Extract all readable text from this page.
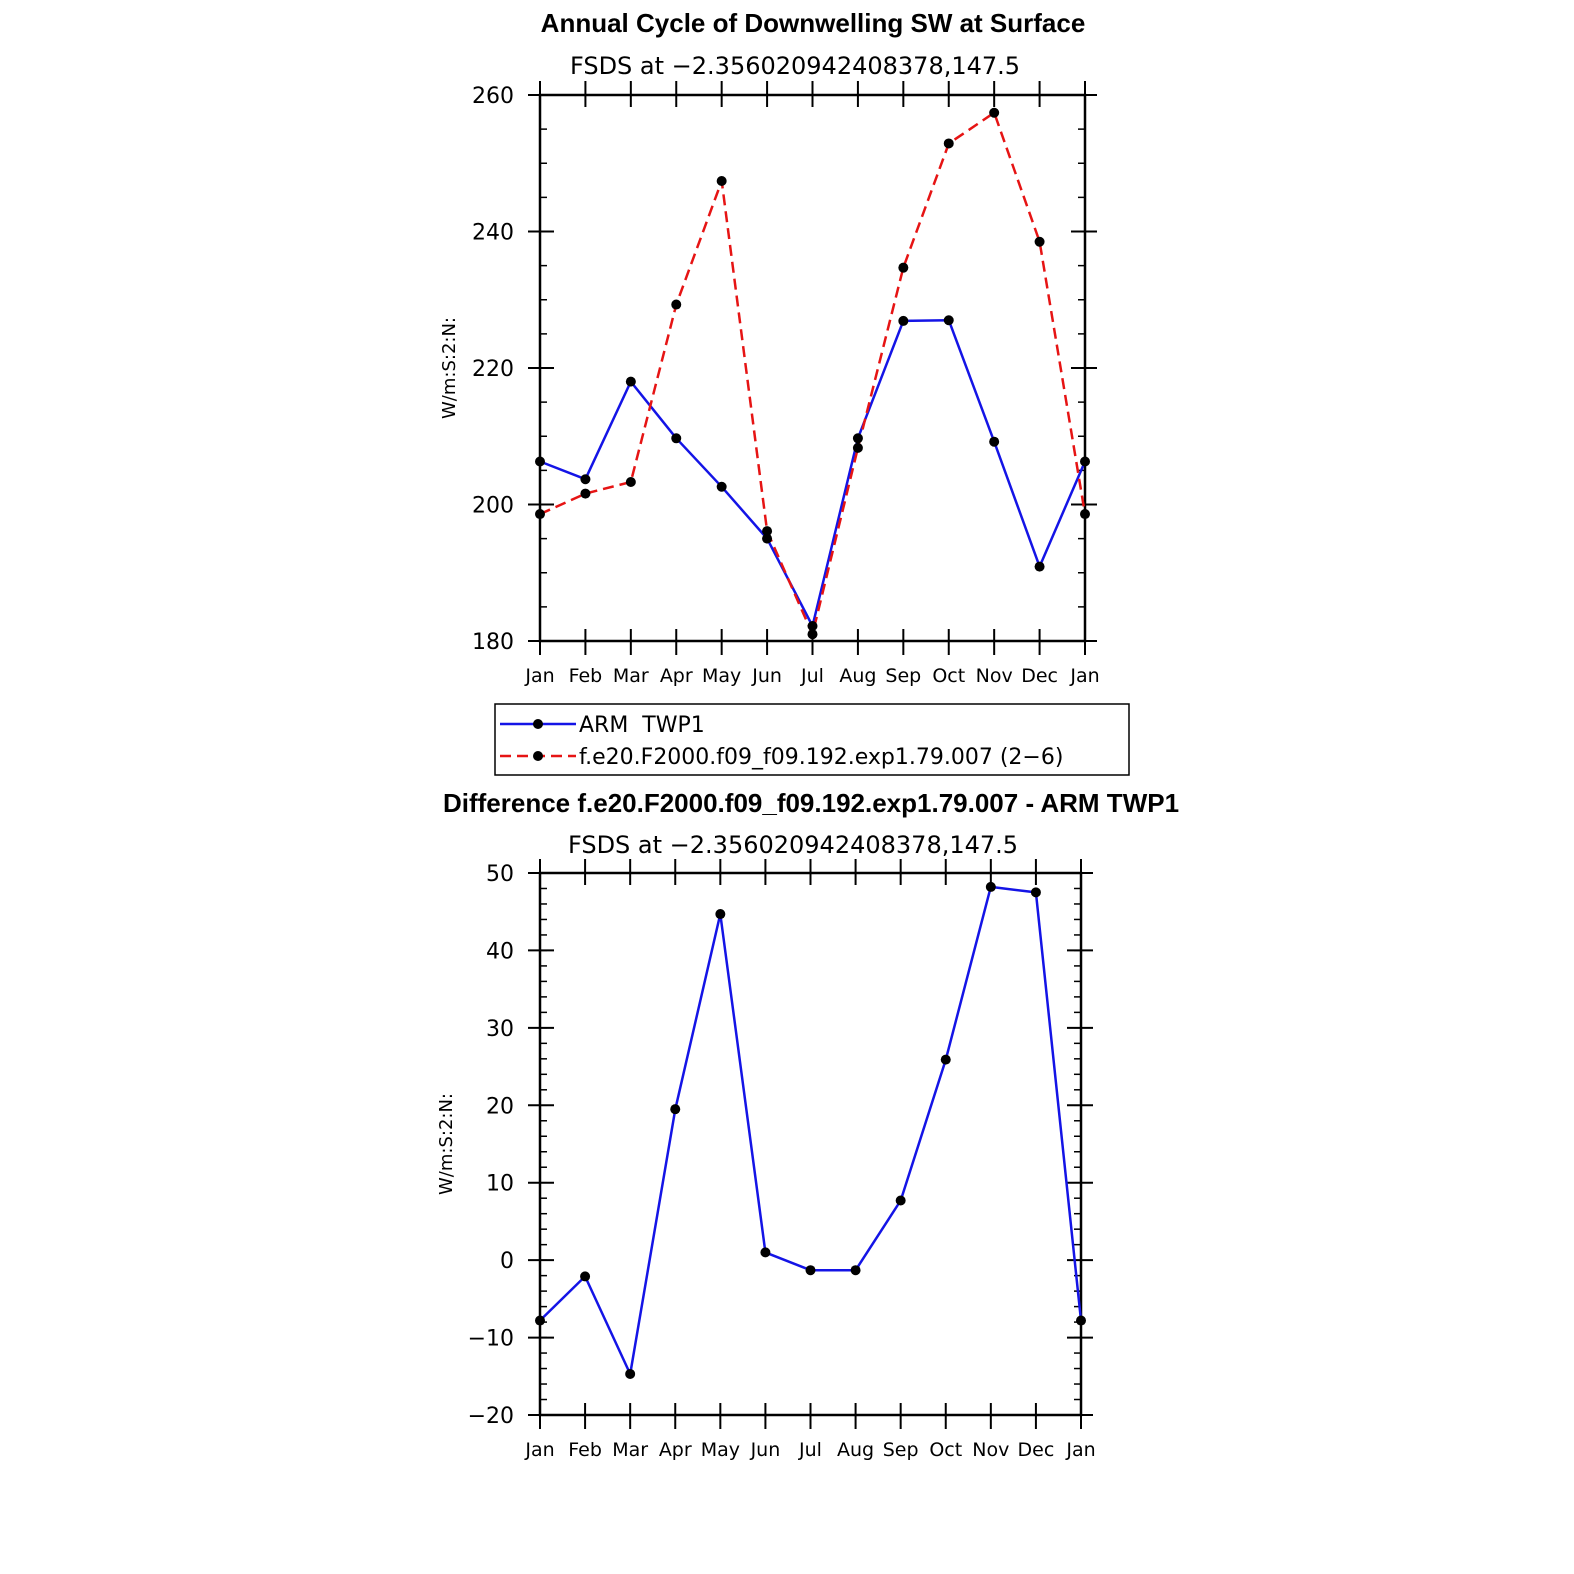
Annual Cycle of Downwelling SW at Surface
FSDS at −2.356020942408378,147.5
W/m:S:2:N:
180
200
220
240
260
Jan Feb Mar Apr May Jun Jul Aug Sep Oct Nov Dec Jan
ARM  TWP1
f.e20.F2000.f09_f09.192.exp1.79.007 (2−6)
Difference f.e20.F2000.f09_f09.192.exp1.79.007 - ARM TWP1
FSDS at −2.356020942408378,147.5
W/m:S:2:N:
−20
−10
0
10
20
30
40
50
Jan Feb Mar Apr May Jun Jul Aug Sep Oct Nov Dec Jan
